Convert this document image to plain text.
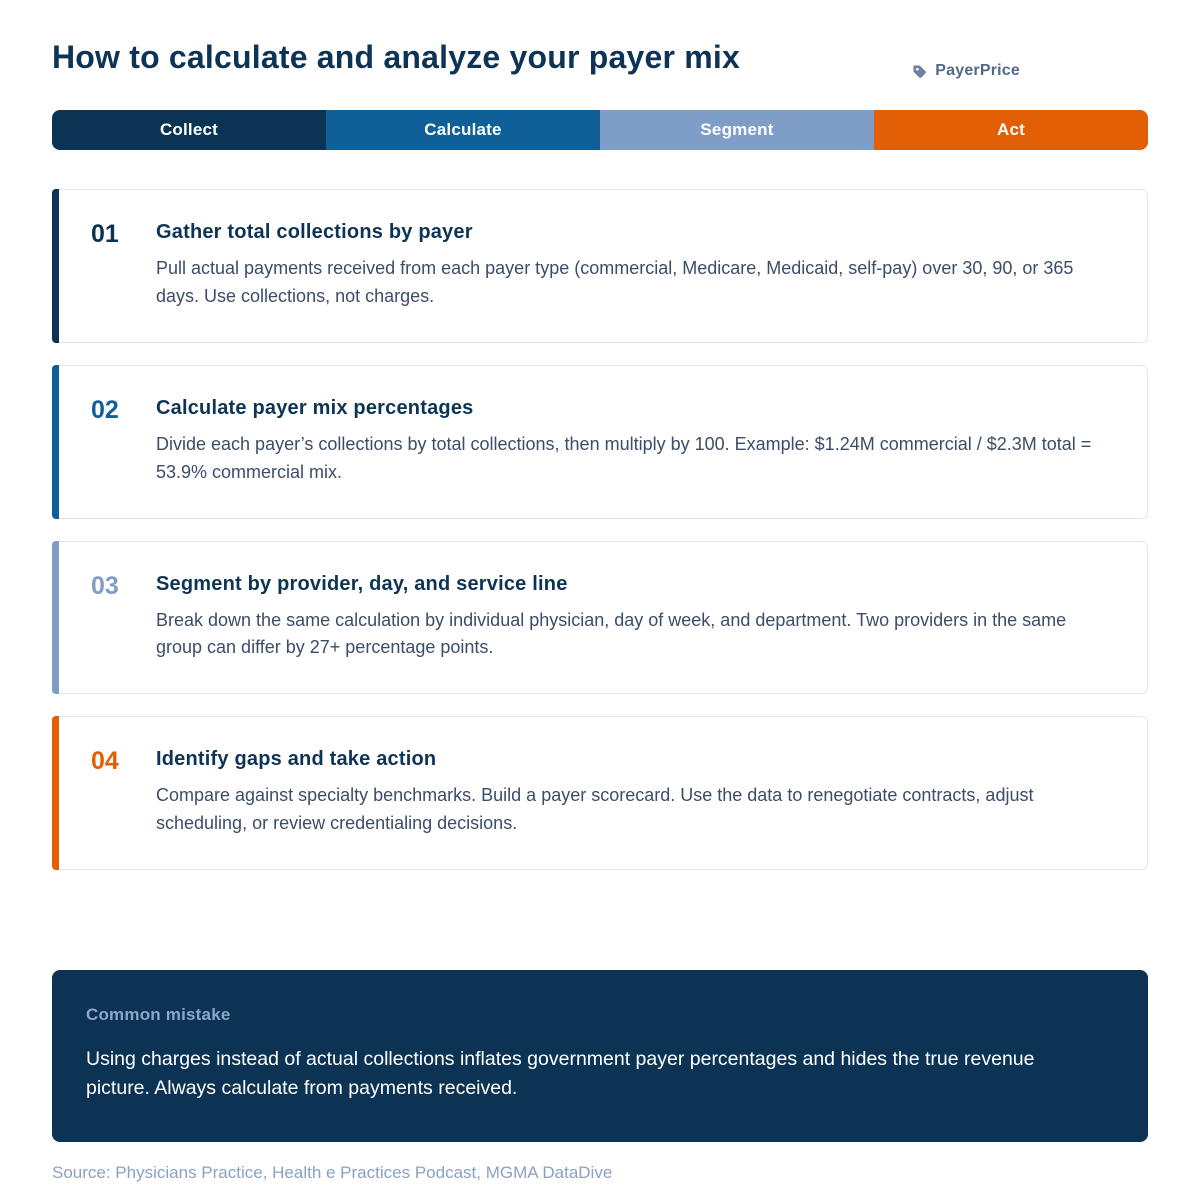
How to calculate and analyze your payer mix	PayerPrice
Collect	Calculate	Segment	Act
01	Gather total collections by payer
Pull actual payments received from each payer type (commercial, Medicare, Medicaid, self-pay) over 30, 90, or 365 days. Use collections, not charges.
02	Calculate payer mix percentages
Divide each payer’s collections by total collections, then multiply by 100. Example: $1.24M commercial / $2.3M total = 53.9% commercial mix.
03	Segment by provider, day, and service line
Break down the same calculation by individual physician, day of week, and department. Two providers in the same group can differ by 27+ percentage points.
04	Identify gaps and take action
Compare against specialty benchmarks. Build a payer scorecard. Use the data to renegotiate contracts, adjust scheduling, or review credentialing decisions.
Common mistake
Using charges instead of actual collections inflates government payer percentages and hides the true revenue picture. Always calculate from payments received.
Source: Physicians Practice, Health e Practices Podcast, MGMA DataDive
